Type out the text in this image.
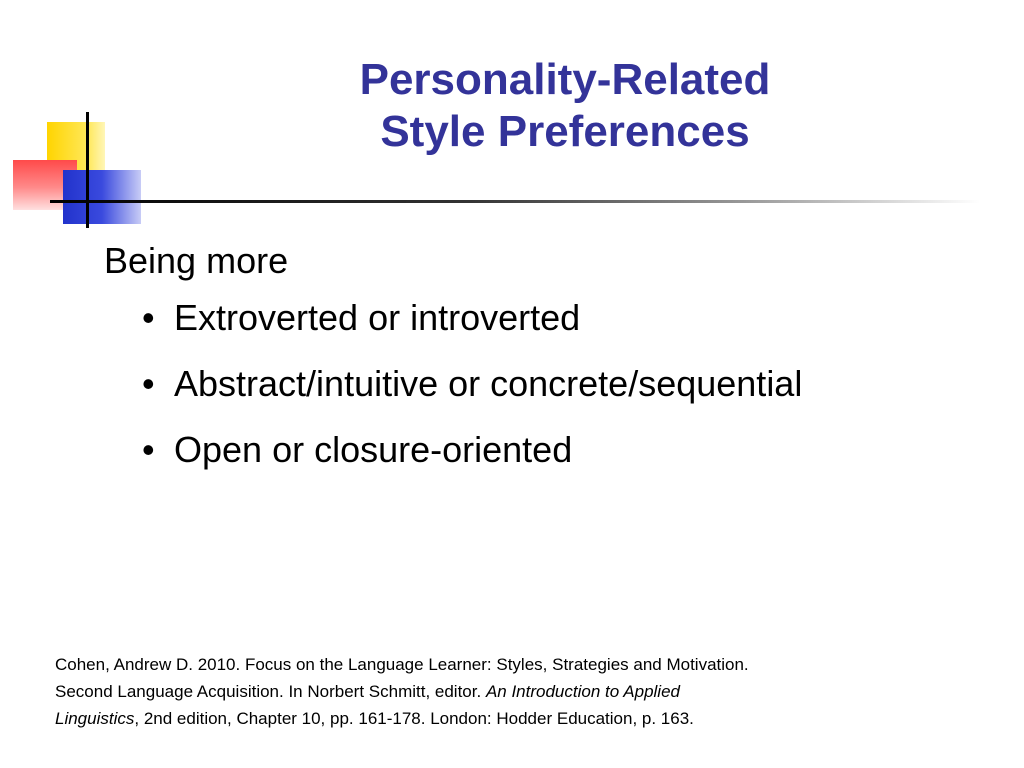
Personality-Related
Style Preferences

Being more

• Extroverted or introverted
• Abstract/intuitive or concrete/sequential
• Open or closure-oriented
Cohen, Andrew D. 2010. Focus on the Language Learner: Styles, Strategies and Motivation.
Second Language Acquisition. In Norbert Schmitt, editor. An Introduction to Applied
Linguistics, 2nd edition, Chapter 10, pp. 161-178. London: Hodder Education, p. 163.
